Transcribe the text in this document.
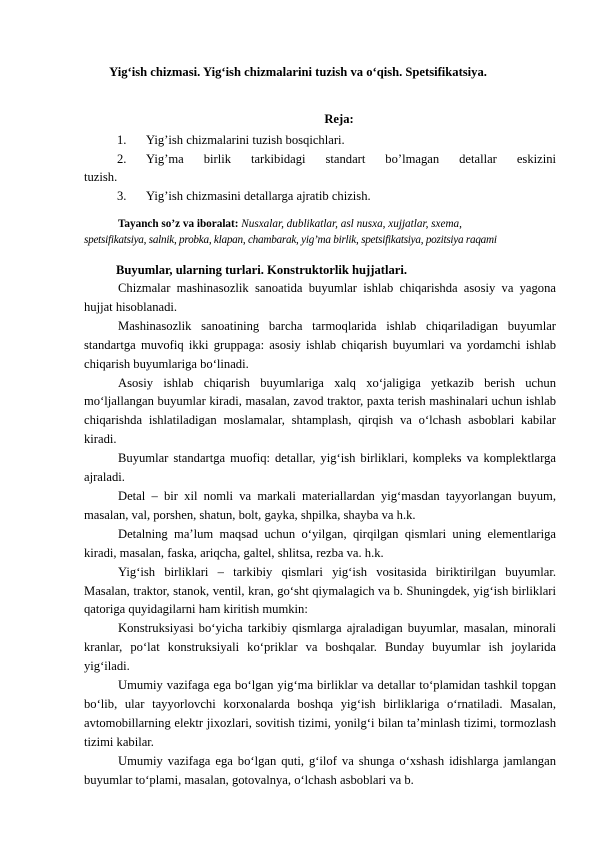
Yig‘ish chizmasi. Yig‘ish chizmalarini tuzish va o‘qish. Spetsifikatsiya.
Reja:
1.	Yig’ish chizmalarini tuzish bosqichlari.
2.	Yig’ma birlik tarkibidagi standart bo’lmagan detallar eskizini
tuzish.
3.	Yig’ish chizmasini detallarga ajratib chizish.
Tayanch so’z va iboralat: Nusxalar, dublikatlar, asl nusxa, xujjatlar, sxema,
spetsifikatsiya, salnik, probka, klapan, chambarak, yig’ma birlik, spetsifikatsiya, pozitsiya raqami
Buyumlar, ularning turlari. Konstruktorlik hujjatlari.

Chizmalar mashinasozlik sanoatida buyumlar ishlab chiqarishda asosiy va yagona hujjat hisoblanadi.

Mashinasozlik sanoatining barcha tarmoqlarida ishlab chiqariladigan buyumlar standartga muvofiq ikki gruppaga: asosiy ishlab chiqarish buyumlari va yordamchi ishlab chiqarish buyumlariga bo‘linadi.

Asosiy ishlab chiqarish buyumlariga xalq xo‘jaligiga yetkazib berish uchun mo‘ljallangan buyumlar kiradi, masalan, zavod traktor, paxta terish mashinalari uchun ishlab chiqarishda ishlatiladigan moslamalar, shtamplash, qirqish va o‘lchash asboblari kabilar kiradi.

Buyumlar standartga muofiq: detallar, yig‘ish birliklari, kompleks va komplektlarga ajraladi.

Detal – bir xil nomli va markali materiallardan yig‘masdan tayyorlangan buyum, masalan, val, porshen, shatun, bolt, gayka, shpilka, shayba va h.k.

Detalning ma’lum maqsad uchun o‘yilgan, qirqilgan qismlari uning elementlariga kiradi, masalan, faska, ariqcha, galtel, shlitsa, rezba va. h.k.

Yig‘ish birliklari – tarkibiy qismlari yig‘ish vositasida biriktirilgan buyumlar. Masalan, traktor, stanok, ventil, kran, go‘sht qiymalagich va b. Shuningdek, yig‘ish birliklari qatoriga quyidagilarni ham kiritish mumkin:

Konstruksiyasi bo‘yicha tarkibiy qismlarga ajraladigan buyumlar, masalan, minorali kranlar, po‘lat konstruksiyali ko‘priklar va boshqalar. Bunday buyumlar ish joylarida yig‘iladi.

Umumiy vazifaga ega bo‘lgan yig‘ma birliklar va detallar to‘plamidan tashkil topgan bo‘lib, ular tayyorlovchi korxonalarda boshqa yig‘ish birliklariga o‘rnatiladi. Masalan, avtomobillarning elektr jixozlari, sovitish tizimi, yonilg‘i bilan ta’minlash tizimi, tormozlash tizimi kabilar.

Umumiy vazifaga ega bo‘lgan quti, g‘ilof va shunga o‘xshash idishlarga jamlangan buyumlar to‘plami, masalan, gotovalnya, o‘lchash asboblari va b.
